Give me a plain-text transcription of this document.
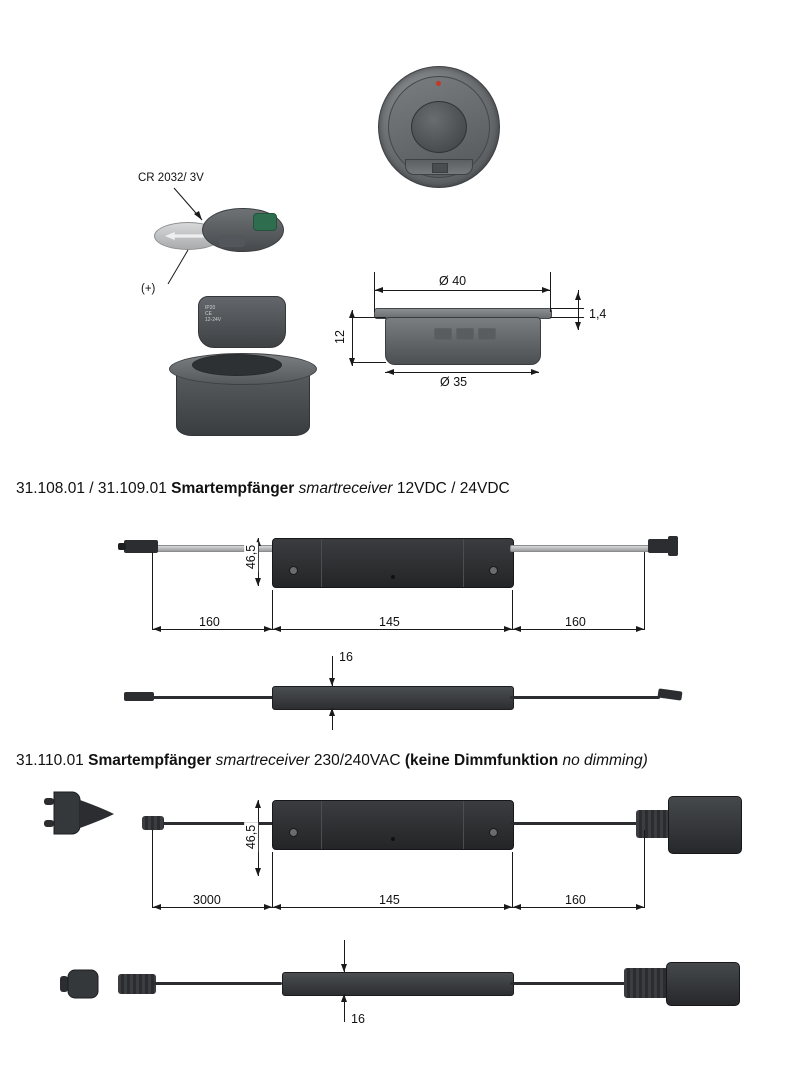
CR 2032/ 3V
(+)
IP20
CE
12-24V
Ø 40
Ø 35
12
1,4
31.108.01 / 31.109.01 Smartempfänger smartreceiver 12VDC / 24VDC
46,5
160	145	160
16
31.110.01 Smartempfänger smartreceiver 230/240VAC (keine Dimmfunktion no dimming)
46,5
3000	145	160
16
